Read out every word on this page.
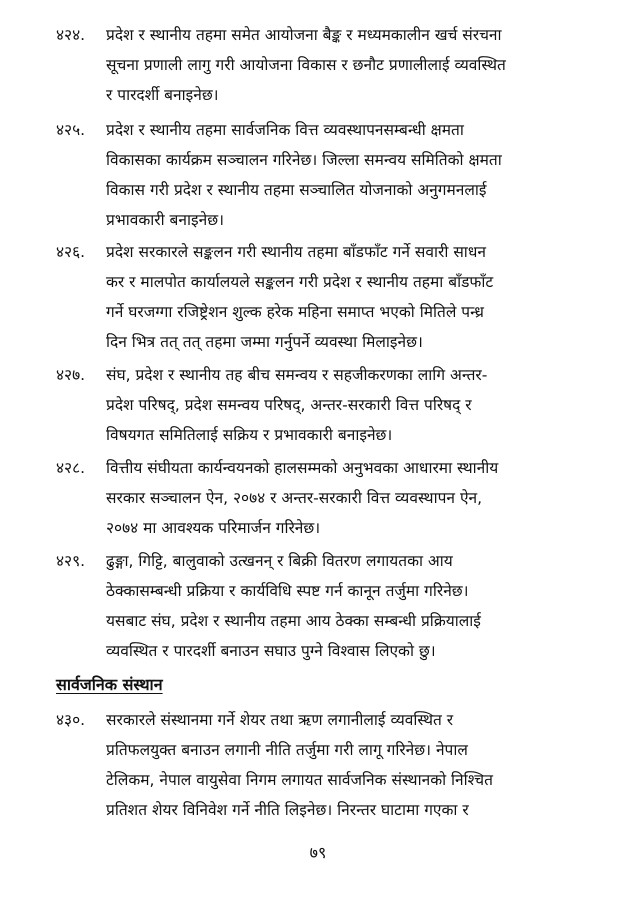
४२४. प्रदेश र स्थानीय तहमा समेत आयोजना बैङ्क र मध्यमकालीन खर्च संरचना
सूचना प्रणाली लागु गरी आयोजना विकास र छनौट प्रणालीलाई व्यवस्थित
र पारदर्शी बनाइनेछ।
४२५. प्रदेश र स्थानीय तहमा सार्वजनिक वित्त व्यवस्थापनसम्बन्धी क्षमता
विकासका कार्यक्रम सञ्चालन गरिनेछ। जिल्ला समन्वय समितिको क्षमता
विकास गरी प्रदेश र स्थानीय तहमा सञ्चालित योजनाको अनुगमनलाई
प्रभावकारी बनाइनेछ।
४२६. प्रदेश सरकारले सङ्कलन गरी स्थानीय तहमा बाँडफाँट गर्ने सवारी साधन
कर र मालपोत कार्यालयले सङ्कलन गरी प्रदेश र स्थानीय तहमा बाँडफाँट
गर्ने घरजग्गा रजिष्ट्रेशन शुल्क हरेक महिना समाप्त भएको मितिले पन्ध्र
दिन भित्र तत् तत् तहमा जम्मा गर्नुपर्ने व्यवस्था मिलाइनेछ।
४२७. संघ, प्रदेश र स्थानीय तह बीच समन्वय र सहजीकरणका लागि अन्तर-
प्रदेश परिषद्, प्रदेश समन्वय परिषद्, अन्तर-सरकारी वित्त परिषद् र
विषयगत समितिलाई सक्रिय र प्रभावकारी बनाइनेछ।
४२८. वित्तीय संघीयता कार्यन्वयनको हालसम्मको अनुभवका आधारमा स्थानीय
सरकार सञ्चालन ऐन, २०७४ र अन्तर-सरकारी वित्त व्यवस्थापन ऐन,
२०७४ मा आवश्यक परिमार्जन गरिनेछ।
४२९. ढुङ्गा, गिट्टि, बालुवाको उत्खनन् र बिक्री वितरण लगायतका आय
ठेक्कासम्बन्धी प्रक्रिया र कार्यविधि स्पष्ट गर्न कानून तर्जुमा गरिनेछ।
यसबाट संघ, प्रदेश र स्थानीय तहमा आय ठेक्का सम्बन्धी प्रक्रियालाई
व्यवस्थित र पारदर्शी बनाउन सघाउ पुग्ने विश्वास लिएको छु।
सार्वजनिक संस्थान
४३०. सरकारले संस्थानमा गर्ने शेयर तथा ऋण लगानीलाई व्यवस्थित र
प्रतिफलयुक्त बनाउन लगानी नीति तर्जुमा गरी लागू गरिनेछ। नेपाल
टेलिकम, नेपाल वायुसेवा निगम लगायत सार्वजनिक संस्थानको निश्चित
प्रतिशत शेयर विनिवेश गर्ने नीति लिइनेछ। निरन्तर घाटामा गएका र
७९
